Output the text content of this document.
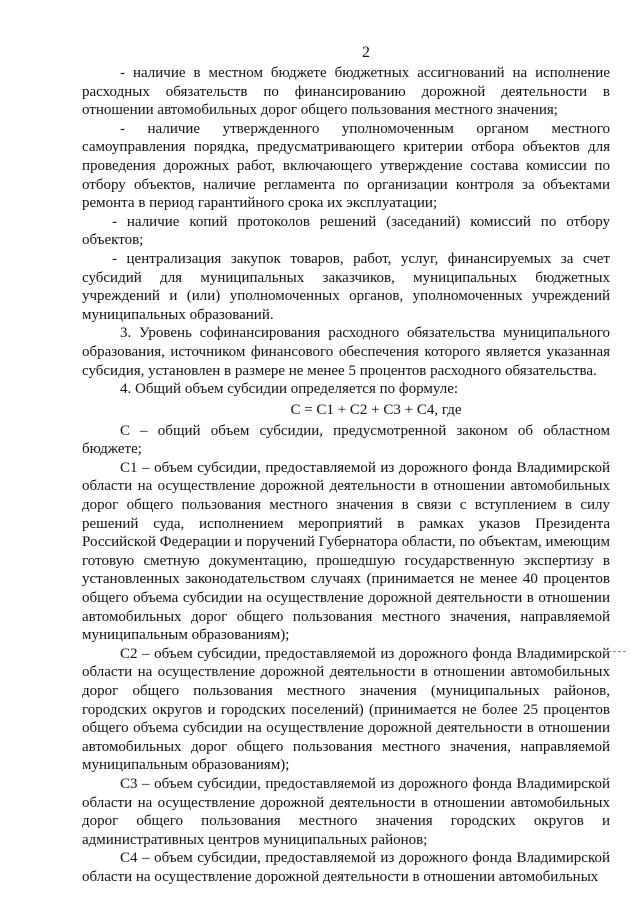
2

- наличие в местном бюджете бюджетных ассигнований на исполнение расходных обязательств по финансированию дорожной деятельности в отношении автомобильных дорог общего пользования местного значения;

- наличие утвержденного уполномоченным органом местного самоуправления порядка, предусматривающего критерии отбора объектов для проведения дорожных работ, включающего утверждение состава комиссии по отбору объектов, наличие регламента по организации контроля за объектами ремонта в период гарантийного срока их эксплуатации;

- наличие копий протоколов решений (заседаний) комиссий по отбору объектов;

- централизация закупок товаров, работ, услуг, финансируемых за счет субсидий для муниципальных заказчиков, муниципальных бюджетных учреждений и (или) уполномоченных органов, уполномоченных учреждений муниципальных образований.

3. Уровень софинансирования расходного обязательства муниципального образования, источником финансового обеспечения которого является указанная субсидия, установлен в размере не менее 5 процентов расходного обязательства.

4. Общий объем субсидии определяется по формуле:

С = С1 + С2 + С3 + С4, где

С – общий объем субсидии, предусмотренной законом об областном бюджете;

С1 – объем субсидии, предоставляемой из дорожного фонда Владимирской области на осуществление дорожной деятельности в отношении автомобильных дорог общего пользования местного значения в связи с вступлением в силу решений суда, исполнением мероприятий в рамках указов Президента Российской Федерации и поручений Губернатора области, по объектам, имеющим готовую сметную документацию, прошедшую государственную экспертизу в установленных законодательством случаях (принимается не менее 40 процентов общего объема субсидии на осуществление дорожной деятельности в отношении автомобильных дорог общего пользования местного значения, направляемой муниципальным образованиям);

С2 – объем субсидии, предоставляемой из дорожного фонда Владимирской области на осуществление дорожной деятельности в отношении автомобильных дорог общего пользования местного значения (муниципальных районов, городских округов и городских поселений) (принимается не более 25 процентов общего объема субсидии на осуществление дорожной деятельности в отношении автомобильных дорог общего пользования местного значения, направляемой муниципальным образованиям);

С3 – объем субсидии, предоставляемой из дорожного фонда Владимирской области на осуществление дорожной деятельности в отношении автомобильных дорог общего пользования местного значения городских округов и административных центров муниципальных районов;

С4 – объем субсидии, предоставляемой из дорожного фонда Владимирской области на осуществление дорожной деятельности в отношении автомобильных
